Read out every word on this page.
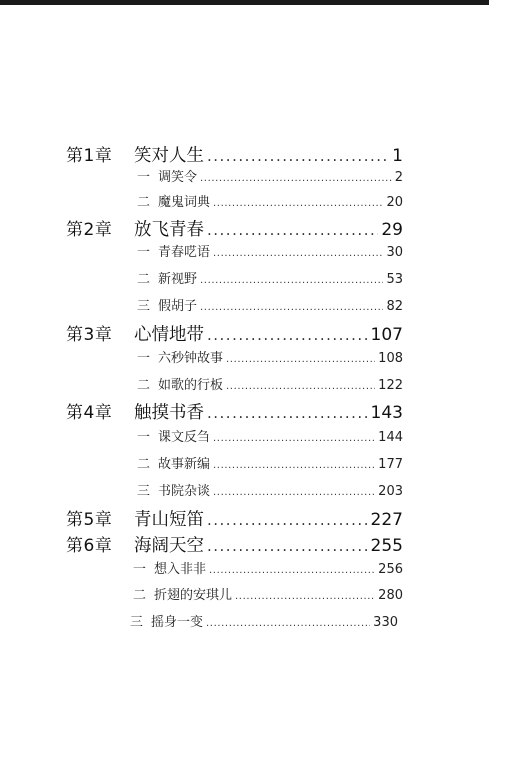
第1章	笑对人生 .....	1
一 调笑令 .....	2
二 魔鬼词典 .....	20
第2章	放飞青春 .....	29
一 青春呓语 .....	30
二 新视野 .....	53
三 假胡子 .....	82
第3章	心情地带 .....	107
一 六秒钟故事 .....	108
二 如歌的行板 .....	122
第4章	触摸书香 .....	143
一 课文反刍 .....	144
二 故事新编 .....	177
三 书院杂谈 .....	203
第5章	青山短笛 .....	227
第6章	海阔天空 .....	255
一 想入非非 .....	256
二 折翅的安琪儿 .....	280
三 摇身一变 .....	330
